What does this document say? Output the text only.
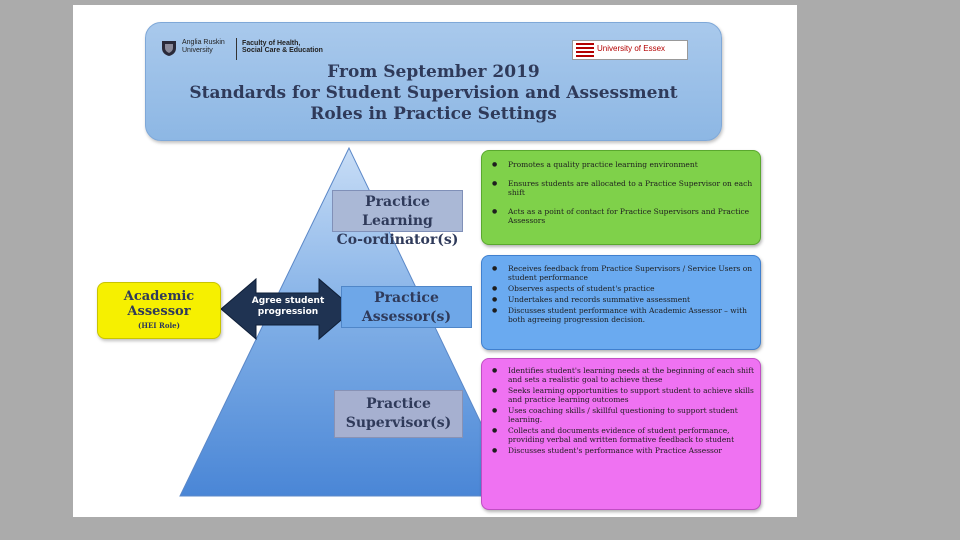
Anglia Ruskin
University
Faculty of Health,
Social Care & Education	University of Essex
From September 2019
Standards for Student Supervision and Assessment
Roles in Practice Settings
Practice Learning
Co-ordinator(s)
Practice
Assessor(s)
Practice
Supervisor(s)
Academic
Assessor
(HEI Role)
Agree student
progression
● Promotes a quality practice learning environment
● Ensures students are allocated to a Practice Supervisor on each shift
● Acts as a point of contact for Practice Supervisors and Practice Assessors
● Receives feedback from Practice Supervisors / Service Users on student performance
● Observes aspects of student's practice
● Undertakes and records summative assessment
● Discusses student performance with Academic Assessor – with both agreeing progression decision.
● Identifies student's learning needs at the beginning of each shift and sets a realistic goal to achieve these
● Seeks learning opportunities to support student to achieve skills and practice learning outcomes
● Uses coaching skills / skillful questioning to support student learning.
● Collects and documents evidence of student performance, providing verbal and written formative feedback to student
● Discusses student's performance with Practice Assessor
